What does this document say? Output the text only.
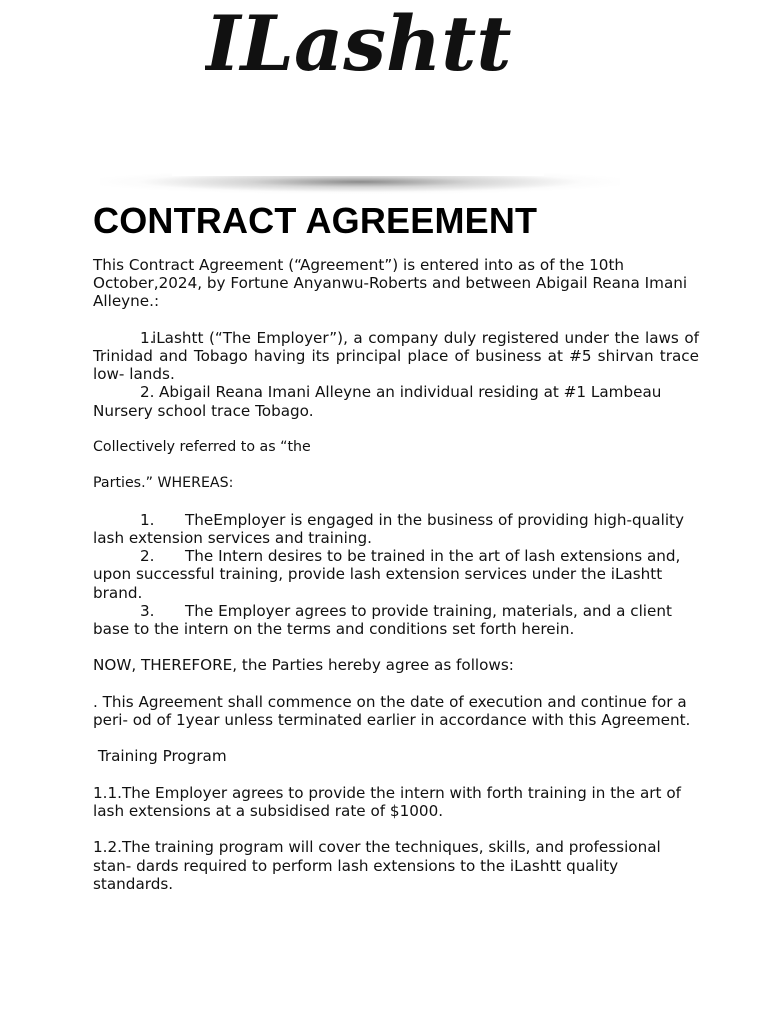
ILashtt
CONTRACT AGREEMENT

This Contract Agreement (“Agreement”) is entered into as of the 10th October,2024, by Fortune Anyanwu-Roberts and between Abigail Reana Imani Alleyne.:

1.iLashtt (“The Employer”), a company duly registered under the laws of Trinidad and Tobago having its principal place of business at #5 shirvan trace low- lands.

2. Abigail Reana Imani Alleyne an individual residing at #1 Lambeau Nursery school trace Tobago.

Collectively referred to as “the

Parties.” WHEREAS:

1. TheEmployer is engaged in the business of providing high-quality lash extension services and training.

2. The Intern desires to be trained in the art of lash extensions and, upon successful training, provide lash extension services under the iLashtt brand.

3. The Employer agrees to provide training, materials, and a client base to the intern on the terms and conditions set forth herein.

NOW, THEREFORE, the Parties hereby agree as follows:

. This Agreement shall commence on the date of execution and continue for a peri- od of 1year unless terminated earlier in accordance with this Agreement.

Training Program

1.1.The Employer agrees to provide the intern with forth training in the art of lash extensions at a subsidised rate of $1000.

1.2.The training program will cover the techniques, skills, and professional stan- dards required to perform lash extensions to the iLashtt quality standards.
